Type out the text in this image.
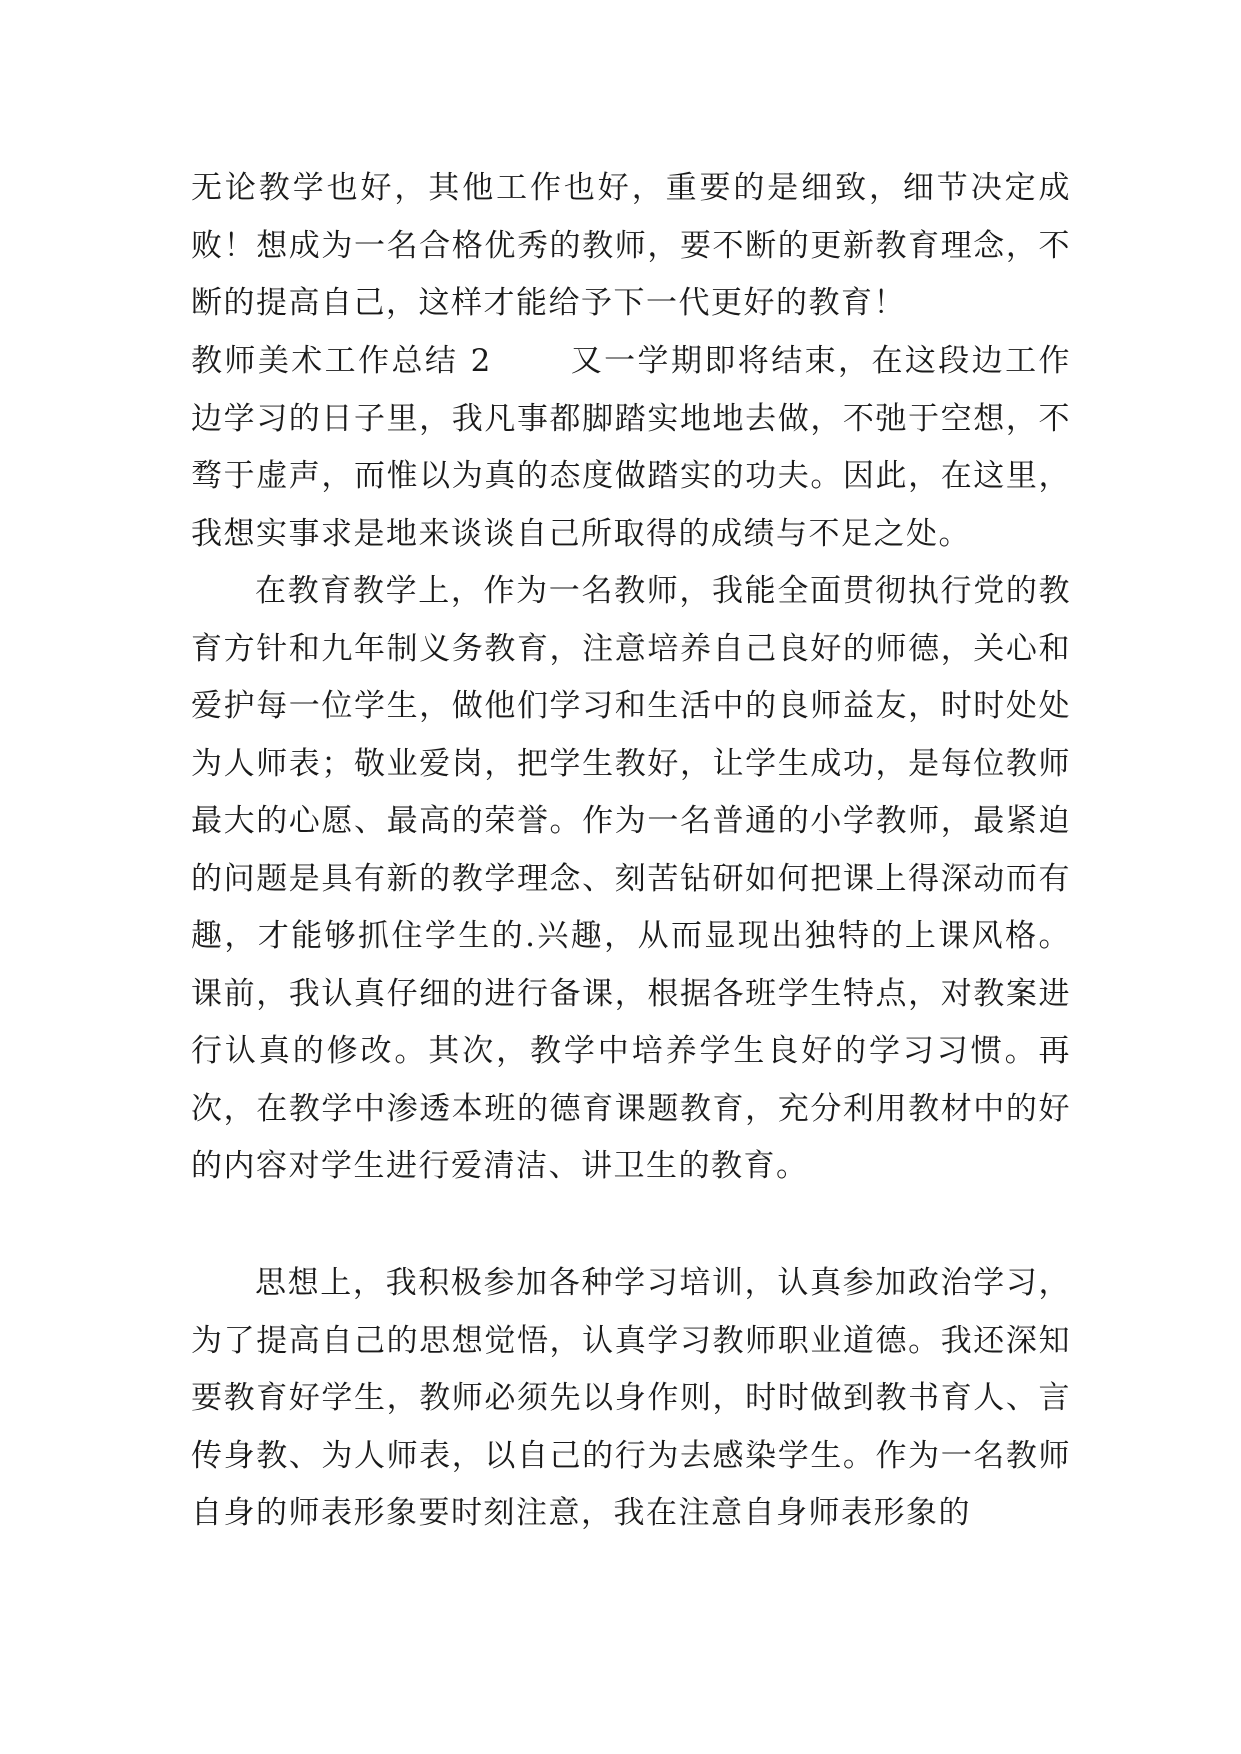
无论教学也好，其他工作也好，重要的是细致，细节决定成败！想成为一名合格优秀的教师，要不断的更新教育理念，不断的提高自己，这样才能给予下一代更好的教育！

教师美术工作总结 2	又一学期即将结束，在这段边工作边学习的日子里，我凡事都脚踏实地地去做，不弛于空想，不骛于虚声，而惟以为真的态度做踏实的功夫。因此，在这里，我想实事求是地来谈谈自己所取得的成绩与不足之处。

在教育教学上，作为一名教师，我能全面贯彻执行党的教育方针和九年制义务教育，注意培养自己良好的师德，关心和爱护每一位学生，做他们学习和生活中的良师益友，时时处处为人师表；敬业爱岗，把学生教好，让学生成功，是每位教师最大的心愿、最高的荣誉。作为一名普通的小学教师，最紧迫的问题是具有新的教学理念、刻苦钻研如何把课上得深动而有趣，才能够抓住学生的.兴趣，从而显现出独特的上课风格。课前，我认真仔细的进行备课，根据各班学生特点，对教案进行认真的修改。其次，教学中培养学生良好的学习习惯。再次，在教学中渗透本班的德育课题教育，充分利用教材中的好的内容对学生进行爱清洁、讲卫生的教育。

思想上，我积极参加各种学习培训，认真参加政治学习，为了提高自己的思想觉悟，认真学习教师职业道德。我还深知要教育好学生，教师必须先以身作则，时时做到教书育人、言传身教、为人师表，以自己的行为去感染学生。作为一名教师自身的师表形象要时刻注意，我在注意自身师表形象的
